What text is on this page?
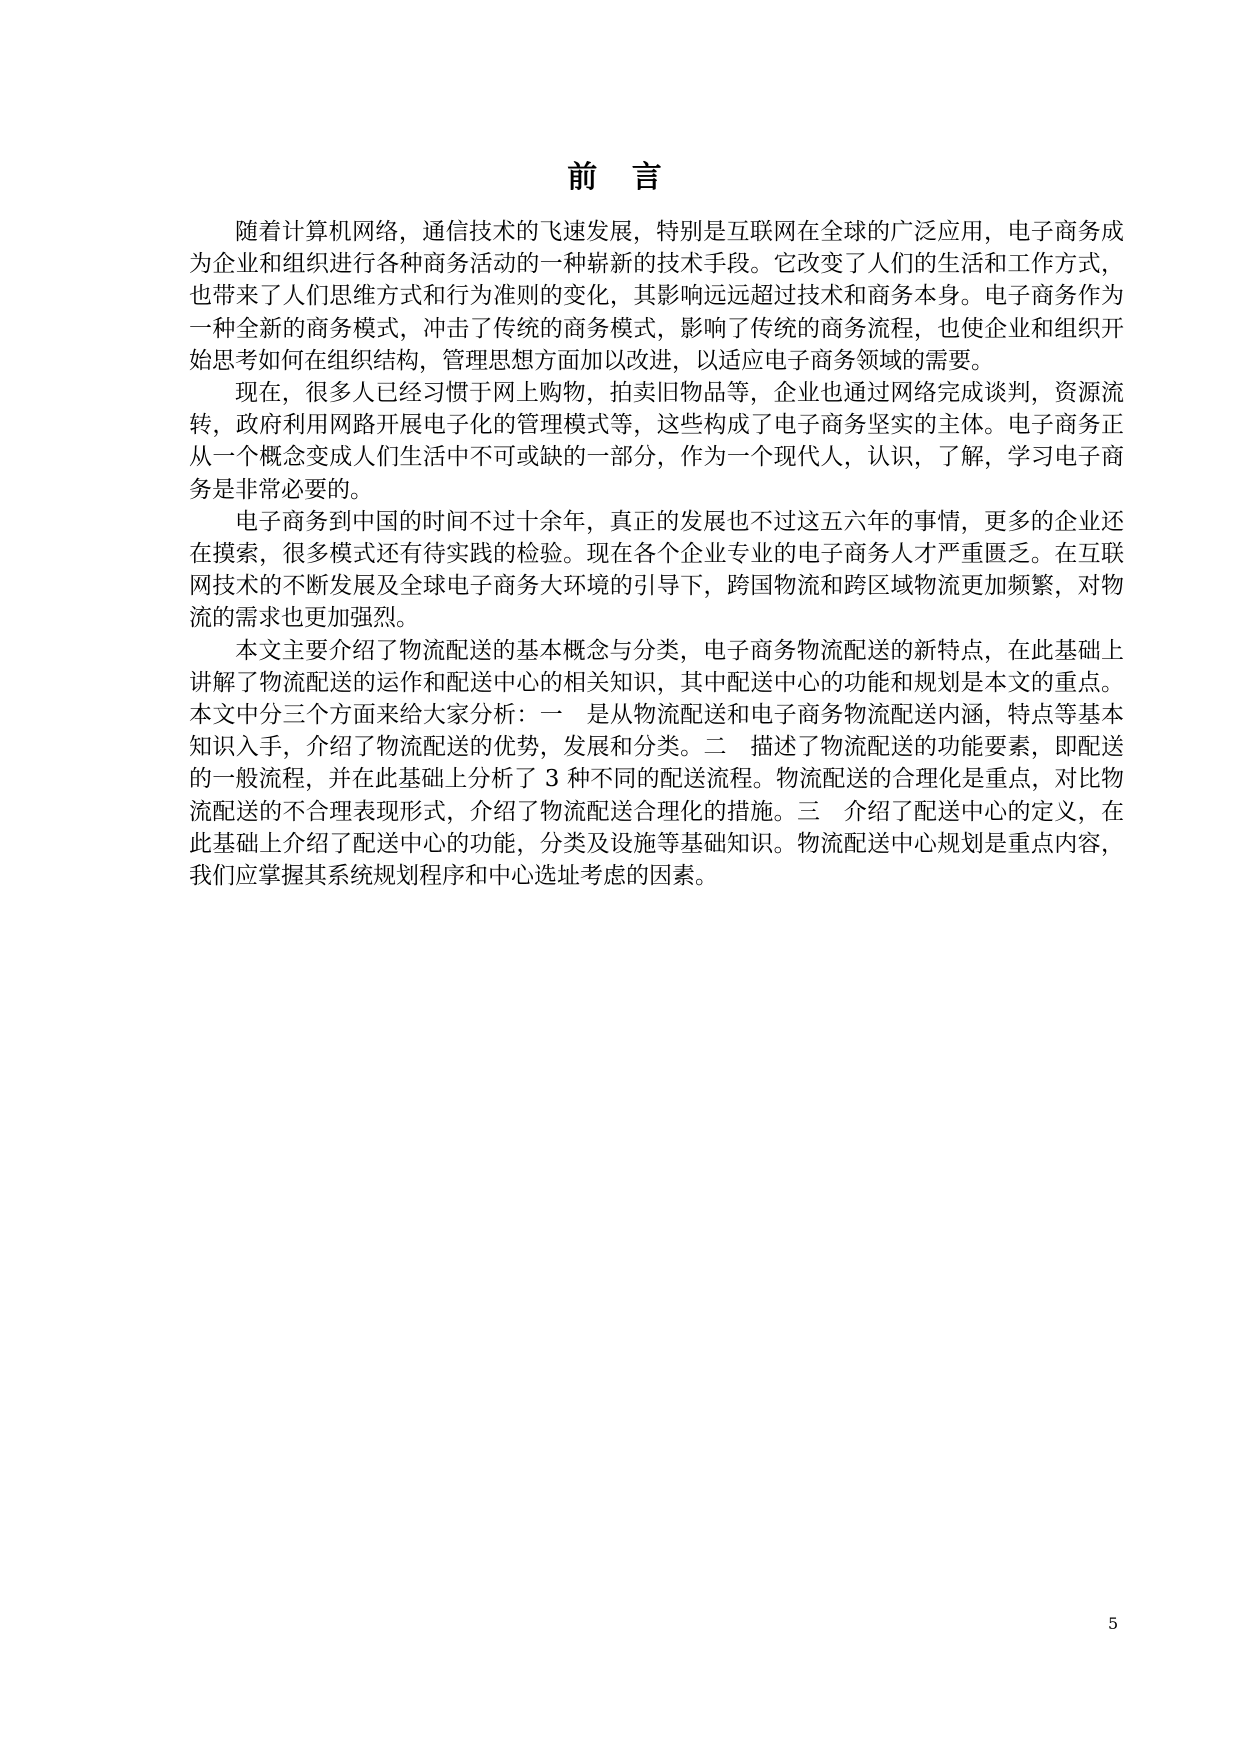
前 言

随着计算机网络，通信技术的飞速发展，特别是互联网在全球的广泛应用，电子商务成为企业和组织进行各种商务活动的一种崭新的技术手段。它改变了人们的生活和工作方式，也带来了人们思维方式和行为准则的变化，其影响远远超过技术和商务本身。电子商务作为一种全新的商务模式，冲击了传统的商务模式，影响了传统的商务流程，也使企业和组织开始思考如何在组织结构，管理思想方面加以改进，以适应电子商务领域的需要。

现在，很多人已经习惯于网上购物，拍卖旧物品等，企业也通过网络完成谈判，资源流转，政府利用网路开展电子化的管理模式等，这些构成了电子商务坚实的主体。电子商务正从一个概念变成人们生活中不可或缺的一部分，作为一个现代人，认识，了解，学习电子商务是非常必要的。

电子商务到中国的时间不过十余年，真正的发展也不过这五六年的事情，更多的企业还在摸索，很多模式还有待实践的检验。现在各个企业专业的电子商务人才严重匮乏。在互联网技术的不断发展及全球电子商务大环境的引导下，跨国物流和跨区域物流更加频繁，对物流的需求也更加强烈。

本文主要介绍了物流配送的基本概念与分类，电子商务物流配送的新特点，在此基础上讲解了物流配送的运作和配送中心的相关知识，其中配送中心的功能和规划是本文的重点。本文中分三个方面来给大家分析：一　是从物流配送和电子商务物流配送内涵，特点等基本知识入手，介绍了物流配送的优势，发展和分类。二　描述了物流配送的功能要素，即配送的一般流程，并在此基础上分析了 3 种不同的配送流程。物流配送的合理化是重点，对比物流配送的不合理表现形式，介绍了物流配送合理化的措施。三　介绍了配送中心的定义，在此基础上介绍了配送中心的功能，分类及设施等基础知识。物流配送中心规划是重点内容，我们应掌握其系统规划程序和中心选址考虑的因素。

5
